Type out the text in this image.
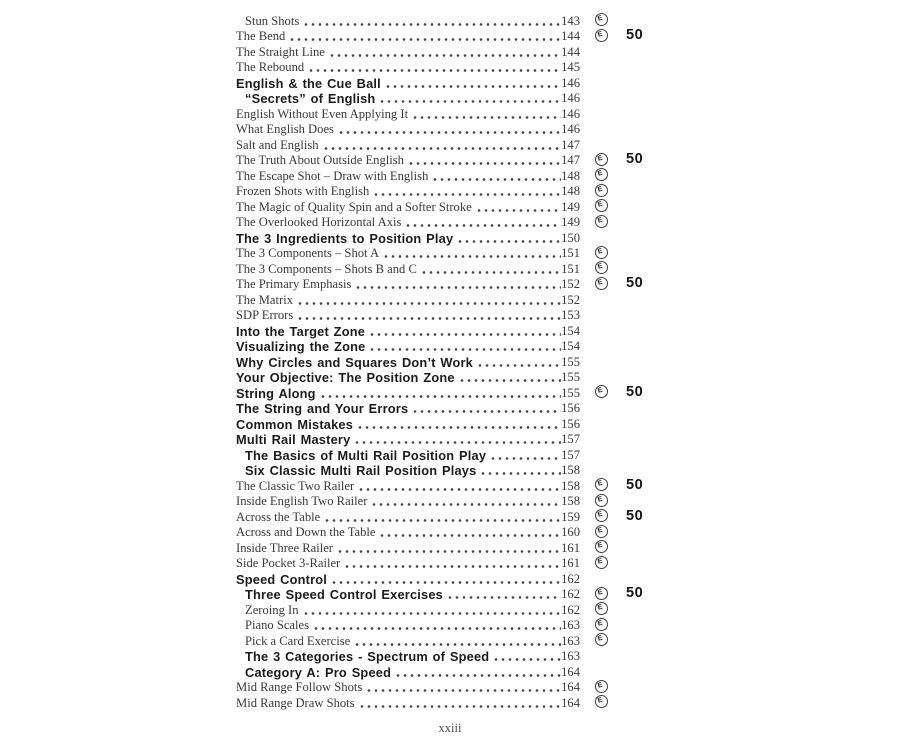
Stun Shots	143 E
The Bend	144 E 50
The Straight Line	144
The Rebound	145
English & the Cue Ball	146
“Secrets” of English	146
English Without Even Applying It	146
What English Does	146
Salt and English	147
The Truth About Outside English	147 E 50
The Escape Shot – Draw with English	148 E
Frozen Shots with English	148 E
The Magic of Quality Spin and a Softer Stroke	149 E
The Overlooked Horizontal Axis	149 E
The 3 Ingredients to Position Play	150
The 3 Components – Shot A	151 E
The 3 Components – Shots B and C	151 E
The Primary Emphasis	152 E 50
The Matrix	152
SDP Errors	153
Into the Target Zone	154
Visualizing the Zone	154
Why Circles and Squares Don’t Work	155
Your Objective: The Position Zone	155
String Along	155 E 50
The String and Your Errors	156
Common Mistakes	156
Multi Rail Mastery	157
The Basics of Multi Rail Position Play	157
Six Classic Multi Rail Position Plays	158
The Classic Two Railer	158 E 50
Inside English Two Railer	158 E
Across the Table	159 E 50
Across and Down the Table	160 E
Inside Three Railer	161 E
Side Pocket 3-Railer	161 E
Speed Control	162
Three Speed Control Exercises	162 E 50
Zeroing In	162 E
Piano Scales	163 E
Pick a Card Exercise	163 E
The 3 Categories - Spectrum of Speed	163
Category A: Pro Speed	164
Mid Range Follow Shots	164 E
Mid Range Draw Shots	164 E
xxiii
